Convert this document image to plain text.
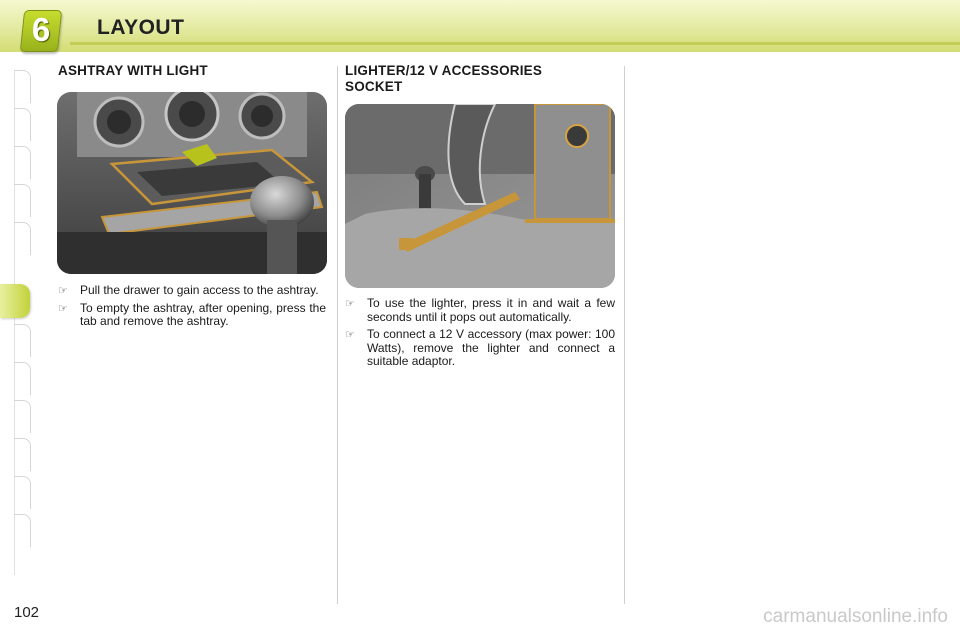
6	LAYOUT
ASHTRAY WITH LIGHT
☞ Pull the drawer to gain access to the ashtray.
☞ To empty the ashtray, after opening, press the tab and remove the ashtray.
LIGHTER/12 V ACCESSORIES
SOCKET
☞ To use the lighter, press it in and wait a few seconds until it pops out automatically.
☞ To connect a 12 V accessory (max power: 100 Watts), remove the lighter and connect a suitable adaptor.
102	carmanualsonline.info
